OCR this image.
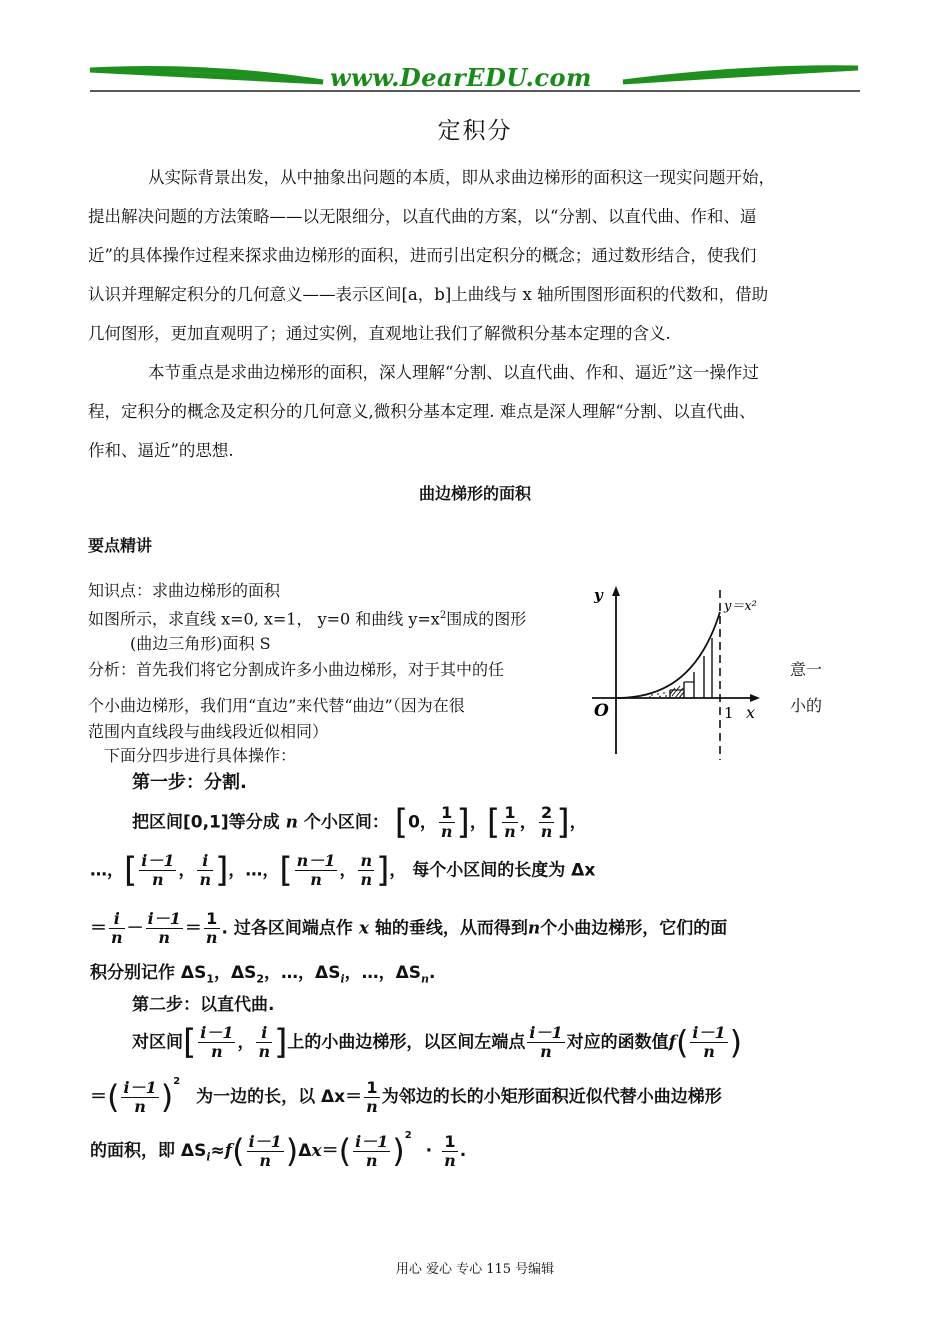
www.DearEDU.com
定积分
从实际背景出发，从中抽象出问题的本质，即从求曲边梯形的面积这一现实问题开始，
提出解决问题的方法策略——以无限细分，以直代曲的方案，以“分割、以直代曲、作和、逼
近”的具体操作过程来探求曲边梯形的面积，进而引出定积分的概念；通过数形结合，使我们
认识并理解定积分的几何意义——表示区间[a，b]上曲线与 x 轴所围图形面积的代数和，借助
几何图形，更加直观明了；通过实例，直观地让我们了解微积分基本定理的含义.
本节重点是求曲边梯形的面积，深人理解“分割、以直代曲、作和、逼近”这一操作过
程，定积分的概念及定积分的几何意义,微积分基本定理. 难点是深人理解“分割、以直代曲、
作和、逼近”的思想.
曲边梯形的面积
要点精讲
知识点：求曲边梯形的面积
如图所示，求直线 x=0, x=1， y=0 和曲线 $y=x^2$围成的图形
(曲边三角形)面积 S
分析：首先我们将它分割成许多小曲边梯形，对于其中的任	意一
个小曲边梯形，我们用“直边”来代替“曲边”（因为在很	小的
范围内直线段与曲线段近似相同）
下面分四步进行具体操作：
y
x
O	1
y＝x²
第一步：分割.
把区间[0,1]等分成 n 个小区间： [0， $\frac{1}{n}$ ]，[ $\frac{1}{n}$ ， $\frac{2}{n}$ ]，
…，[ $\frac{i-1}{n}$ ， $\frac{i}{n}$ ]，…，[ $\frac{n-1}{n}$ ， $\frac{n}{n}$ ]， 每个小区间的长度为 Δx
＝ $\frac{i}{n} - \frac{i-1}{n} = \frac{1}{n}$ . 过各区间端点作 x 轴的垂线，从而得到n个小曲边梯形，它们的面
积分别记作 $\Delta S_1$，$\Delta S_2$，…，$\Delta S_i$，…，$\Delta S_n$.
第二步：以直代曲.
对区间[ $\frac{i-1}{n}$ ， $\frac{i}{n}$ ]上的小曲边梯形，以区间左端点 $\frac{i-1}{n}$ 对应的函数值$f( \frac{i-1}{n}$ )
＝( $\frac{i-1}{n} )^2$ 为一边的长，以 $\Delta x= \frac{1}{n}$ 为邻边的长的小矩形面积近似代替小曲边梯形
的面积，即 $\Delta S_i\approx f( \frac{i-1}{n} )\Delta x=( \frac{i-1}{n} )^2 \cdot \frac{1}{n}$ .
用心 爱心 专心 115 号编辑
